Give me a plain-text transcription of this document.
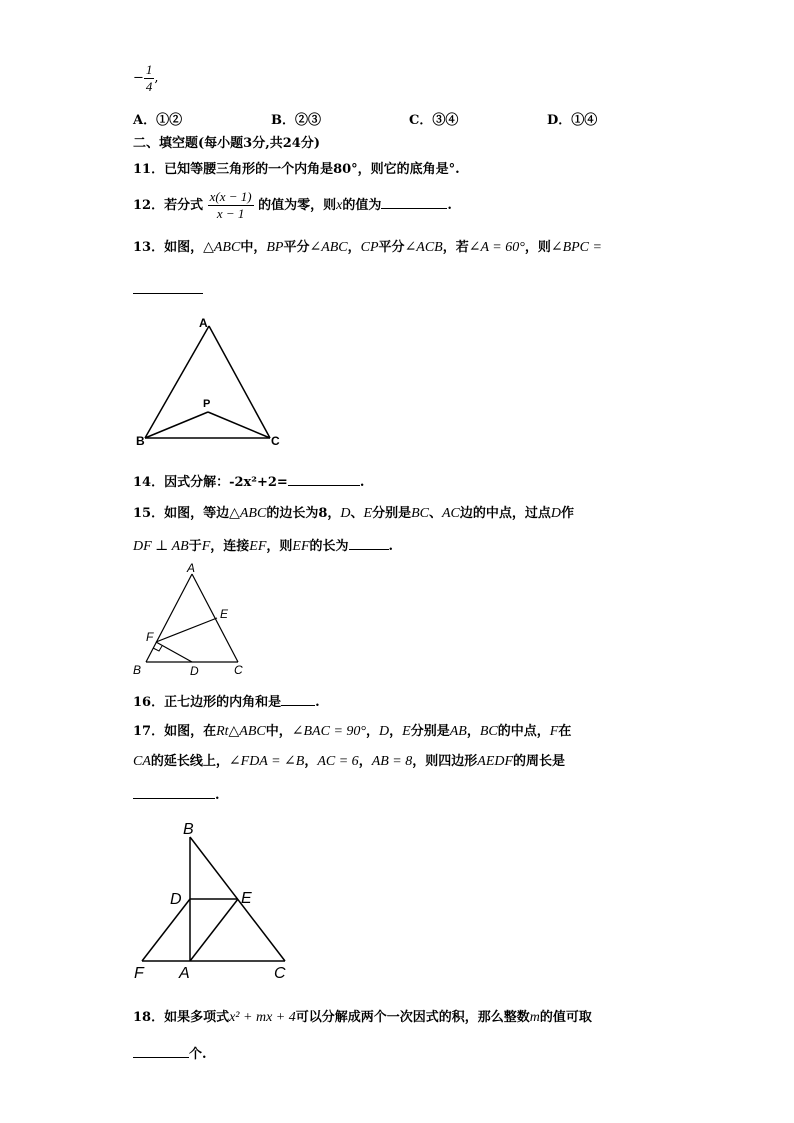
− $\frac{1}{4}$ ,
A．①②	B．②③	C．③④	D．①④
二、填空题(每小题3分,共24分)
11．已知等腰三角形的一个内角是80°，则它的底角是°.
12．若分式 $\frac{x(x - 1)}{x - 1}$ 的值为零，则x的值为	.
13．如图，△ABC中，BP平分∠ABC，CP平分∠ACB，若∠A = 60°，则∠BPC =
A
P
B	C
14．因式分解：-2x²+2=	.
15．如图，等边△ABC的边长为8，D、E分别是BC、AC边的中点，过点D作
DF ⊥ AB于F，连接EF，则EF的长为	.
A
E
F
B	D	C
16．正七边形的内角和是	.
17．如图，在Rt△ABC中，∠BAC = 90°，D，E分别是AB，BC的中点，F在
CA的延长线上，∠FDA = ∠B，AC = 6，AB = 8，则四边形AEDF的周长是
.
B
D	E
F A	C
18．如果多项式x² + mx + 4可以分解成两个一次因式的积，那么整数m的值可取
个.
